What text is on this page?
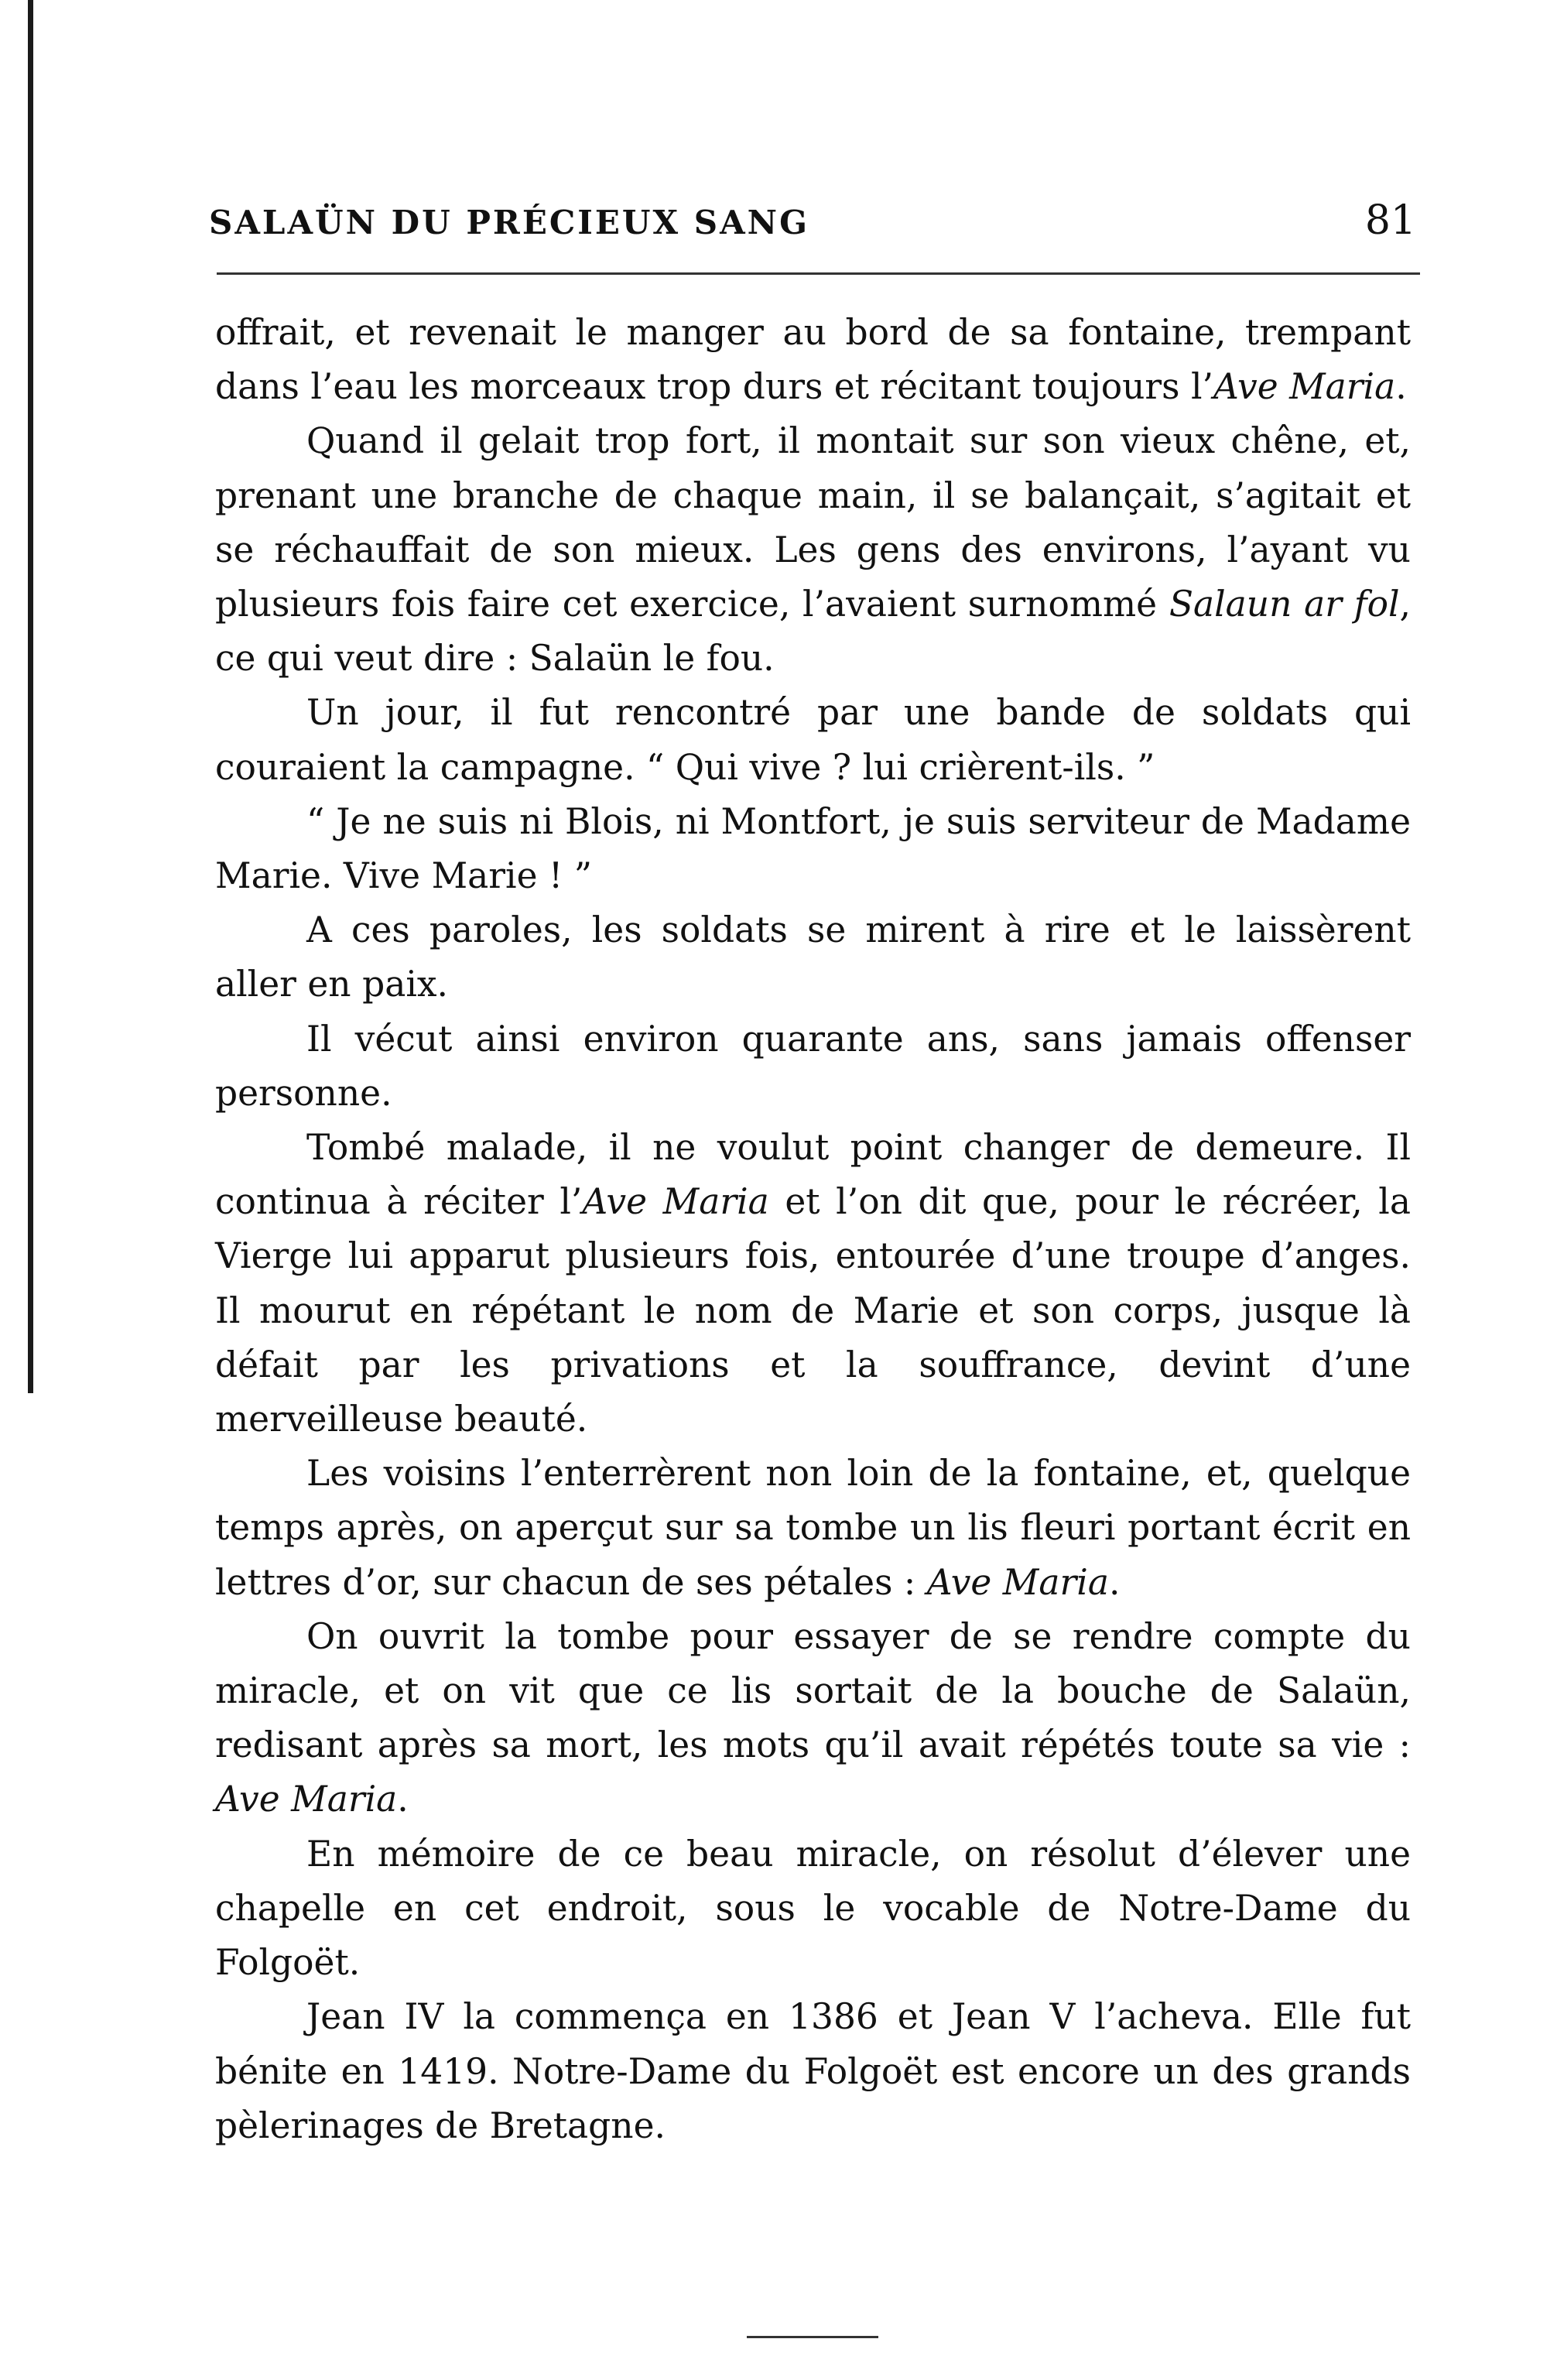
SALAÜN DU PRÉCIEUX SANG	81

offrait, et revenait le manger au bord de sa fontaine, trempant dans l’eau les morceaux trop durs et récitant toujours l’Ave Maria.

Quand il gelait trop fort, il montait sur son vieux chêne, et, prenant une branche de chaque main, il se balançait, s’agitait et se réchauffait de son mieux. Les gens des environs, l’ayant vu plusieurs fois faire cet exercice, l’avaient surnommé Salaun ar fol, ce qui veut dire : Salaün le fou.

Un jour, il fut rencontré par une bande de soldats qui couraient la campagne. “ Qui vive ? lui crièrent-ils. ”

“ Je ne suis ni Blois, ni Montfort, je suis serviteur de Madame Marie. Vive Marie ! ”

A ces paroles, les soldats se mirent à rire et le laissèrent aller en paix.

Il vécut ainsi environ quarante ans, sans jamais offenser personne.

Tombé malade, il ne voulut point changer de demeure. Il continua à réciter l’Ave Maria et l’on dit que, pour le récréer, la Vierge lui apparut plusieurs fois, entourée d’une troupe d’anges. Il mourut en répétant le nom de Marie et son corps, jusque là défait par les privations et la souffrance, devint d’une merveilleuse beauté.

Les voisins l’enterrèrent non loin de la fontaine, et, quelque temps après, on aperçut sur sa tombe un lis fleuri portant écrit en lettres d’or, sur chacun de ses pétales : Ave Maria.

On ouvrit la tombe pour essayer de se rendre compte du miracle, et on vit que ce lis sortait de la bouche de Salaün, redisant après sa mort, les mots qu’il avait répétés toute sa vie : Ave Maria.

En mémoire de ce beau miracle, on résolut d’élever une chapelle en cet endroit, sous le vocable de Notre-Dame du Folgoët.

Jean IV la commença en 1386 et Jean V l’acheva. Elle fut bénite en 1419. Notre-Dame du Folgoët est encore un des grands pèlerinages de Bretagne.
